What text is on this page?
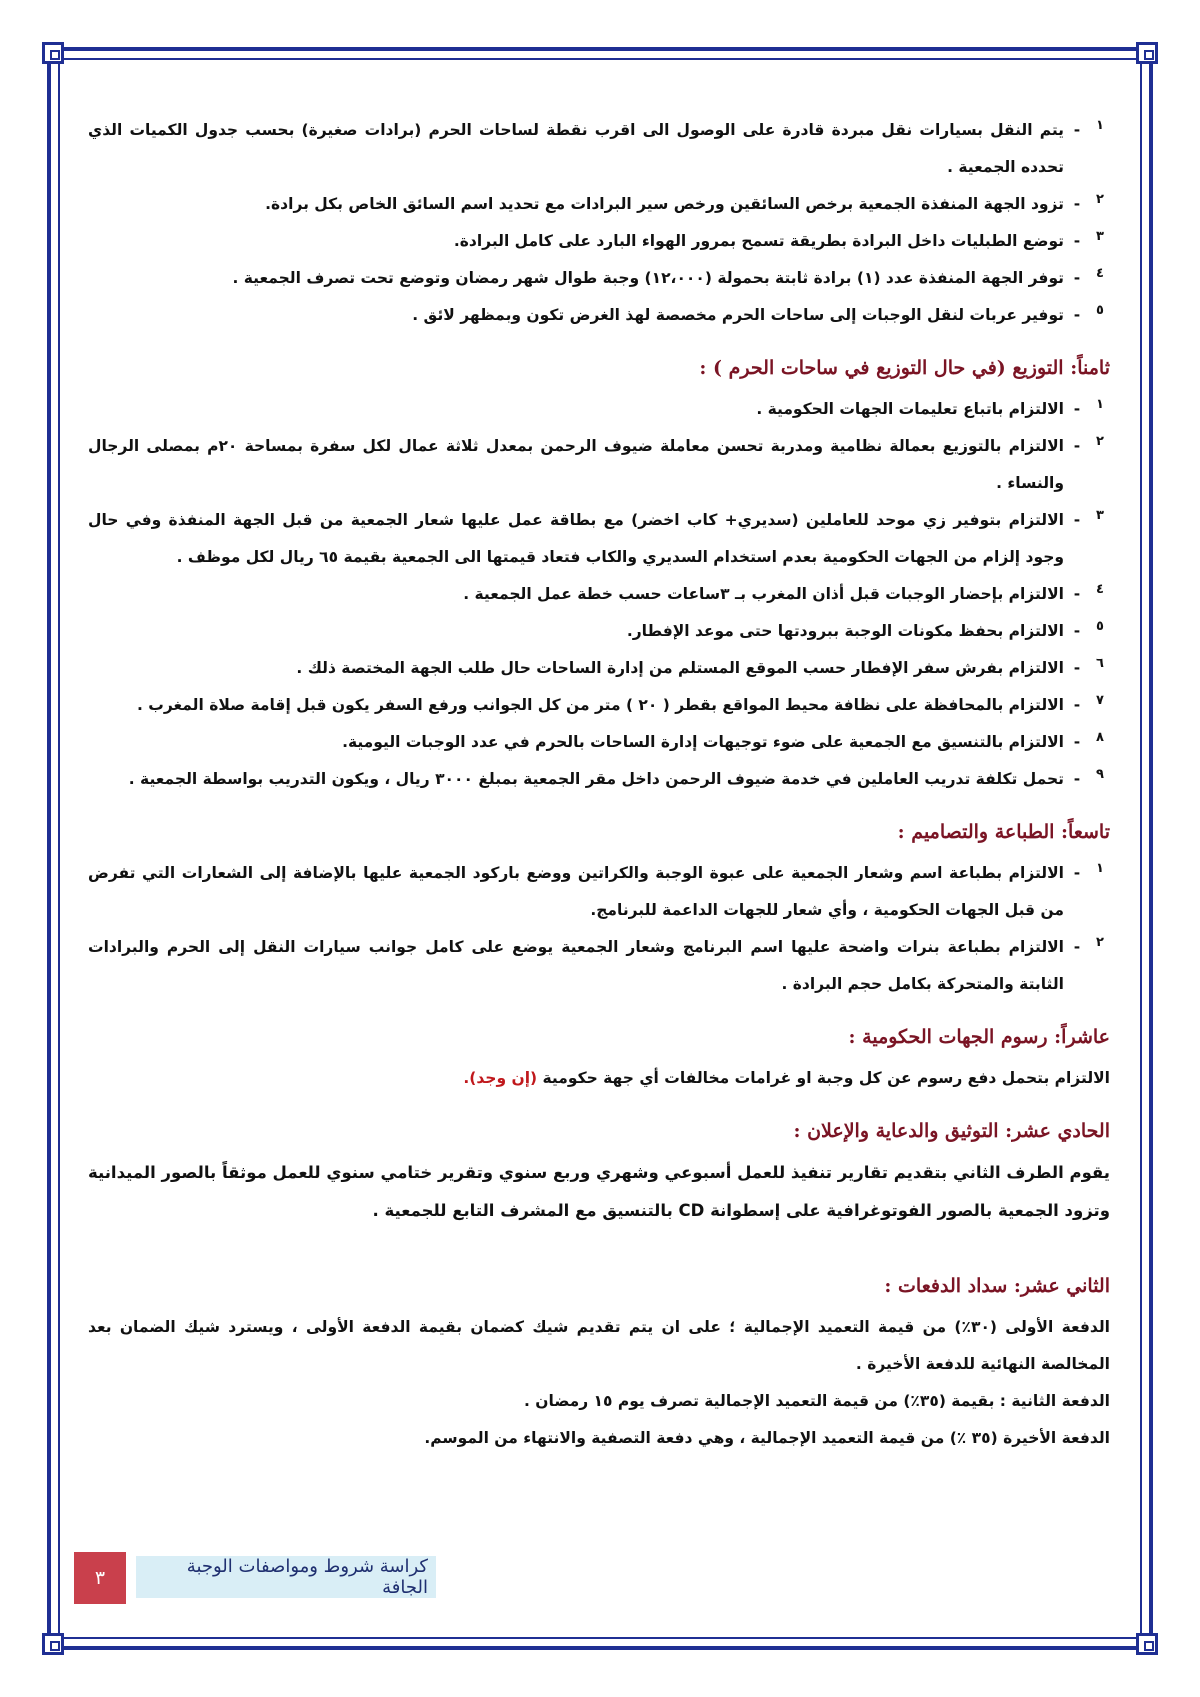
١
-
يتم النقل بسيارات نقل مبردة قادرة على الوصول الى اقرب نقطة لساحات الحرم (برادات صغيرة) بحسب جدول الكميات الذي تحدده الجمعية .
٢
-
تزود الجهة المنفذة الجمعية برخص السائقين ورخص سير البرادات مع تحديد اسم السائق الخاص بكل برادة.
٣
-
توضع الطبليات داخل البرادة بطريقة تسمح بمرور الهواء البارد على كامل البرادة.
٤
-
توفر الجهة المنفذة عدد (١) برادة ثابتة بحمولة (١٢،٠٠٠) وجبة طوال شهر رمضان وتوضع تحت تصرف الجمعية .
٥
-
توفير عربات لنقل الوجبات إلى ساحات الحرم مخصصة لهذ الغرض تكون وبمظهر لائق .
ثامناً: التوزيع (في حال التوزيع في ساحات الحرم ) :
١
-
الالتزام باتباع تعليمات الجهات الحكومية .
٢
-
الالتزام بالتوزيع بعمالة نظامية ومدربة تحسن معاملة ضيوف الرحمن بمعدل ثلاثة عمال لكل سفرة بمساحة ٢٠م بمصلى الرجال والنساء .
٣
-
الالتزام بتوفير زي موحد للعاملين (سديري+ كاب اخضر) مع بطاقة عمل عليها شعار الجمعية من قبل الجهة المنفذة وفي حال وجود إلزام من الجهات الحكومية بعدم استخدام السديري والكاب فتعاد قيمتها الى الجمعية بقيمة ٦٥ ريال لكل موظف .
٤
-
الالتزام بإحضار الوجبات قبل أذان المغرب بـ ٣ساعات حسب خطة عمل الجمعية .
٥
-
الالتزام بحفظ مكونات الوجبة ببرودتها حتى موعد الإفطار.
٦
-
الالتزام بفرش سفر الإفطار حسب الموقع المستلم من إدارة الساحات حال طلب الجهة المختصة ذلك .
٧
-
الالتزام بالمحافظة على نظافة محيط المواقع بقطر ( ٢٠ ) متر من كل الجوانب ورفع السفر يكون قبل إقامة صلاة المغرب .
٨
-
الالتزام بالتنسيق مع الجمعية على ضوء توجيهات إدارة الساحات بالحرم في عدد الوجبات اليومية.
٩
-
تحمل تكلفة تدريب العاملين في خدمة ضيوف الرحمن داخل مقر الجمعية بمبلغ ٣٠٠٠ ريال ، ويكون التدريب بواسطة الجمعية .
تاسعاً: الطباعة والتصاميم :
١
-
الالتزام بطباعة اسم وشعار الجمعية على عبوة الوجبة والكراتين ووضع باركود الجمعية عليها بالإضافة إلى الشعارات التي تفرض من قبل الجهات الحكومية ، وأي شعار للجهات الداعمة للبرنامج.
٢
-
الالتزام بطباعة بنرات واضحة عليها اسم البرنامج وشعار الجمعية يوضع على كامل جوانب سيارات النقل إلى الحرم والبرادات الثابتة والمتحركة بكامل حجم البرادة .
عاشراً: رسوم الجهات الحكومية :
الالتزام بتحمل دفع رسوم عن كل وجبة او غرامات مخالفات أي جهة حكومية (إن وجد).
الحادي عشر: التوثيق والدعاية والإعلان :
يقوم الطرف الثاني بتقديم تقارير تنفيذ للعمل أسبوعي وشهري وربع سنوي وتقرير ختامي سنوي للعمل موثقاً بالصور الميدانية وتزود الجمعية بالصور الفوتوغرافية على إسطوانة CD بالتنسيق مع المشرف التابع للجمعية .
الثاني عشر: سداد الدفعات :
الدفعة الأولى (٣٠٪) من قيمة التعميد الإجمالية ؛ على ان يتم تقديم شيك كضمان بقيمة الدفعة الأولى ، ويسترد شيك الضمان بعد المخالصة النهائية للدفعة الأخيرة .
الدفعة الثانية : بقيمة (٣٥٪) من قيمة التعميد الإجمالية تصرف يوم ١٥ رمضان .
الدفعة الأخيرة (٣٥ ٪) من قيمة التعميد الإجمالية ، وهي دفعة التصفية والانتهاء من الموسم.
٣
كراسة شروط ومواصفات الوجبة الجافة
